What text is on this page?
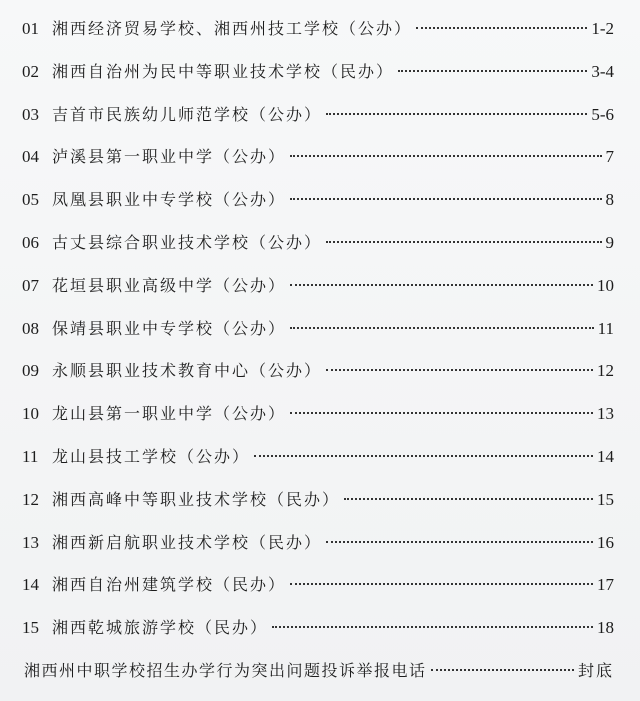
01 湘西经济贸易学校、湘西州技工学校（公办）	1-2
02 湘西自治州为民中等职业技术学校（民办）	3-4
03 吉首市民族幼儿师范学校（公办）	5-6
04 泸溪县第一职业中学（公办）	7
05 凤凰县职业中专学校（公办）	8
06 古丈县综合职业技术学校（公办）	9
07 花垣县职业高级中学（公办）	10
08 保靖县职业中专学校（公办）	11
09 永顺县职业技术教育中心（公办）	12
10 龙山县第一职业中学（公办）	13
11 龙山县技工学校（公办）	14
12 湘西高峰中等职业技术学校（民办）	15
13 湘西新启航职业技术学校（民办）	16
14 湘西自治州建筑学校（民办）	17
15 湘西乾城旅游学校（民办）	18
湘西州中职学校招生办学行为突出问题投诉举报电话	封底
